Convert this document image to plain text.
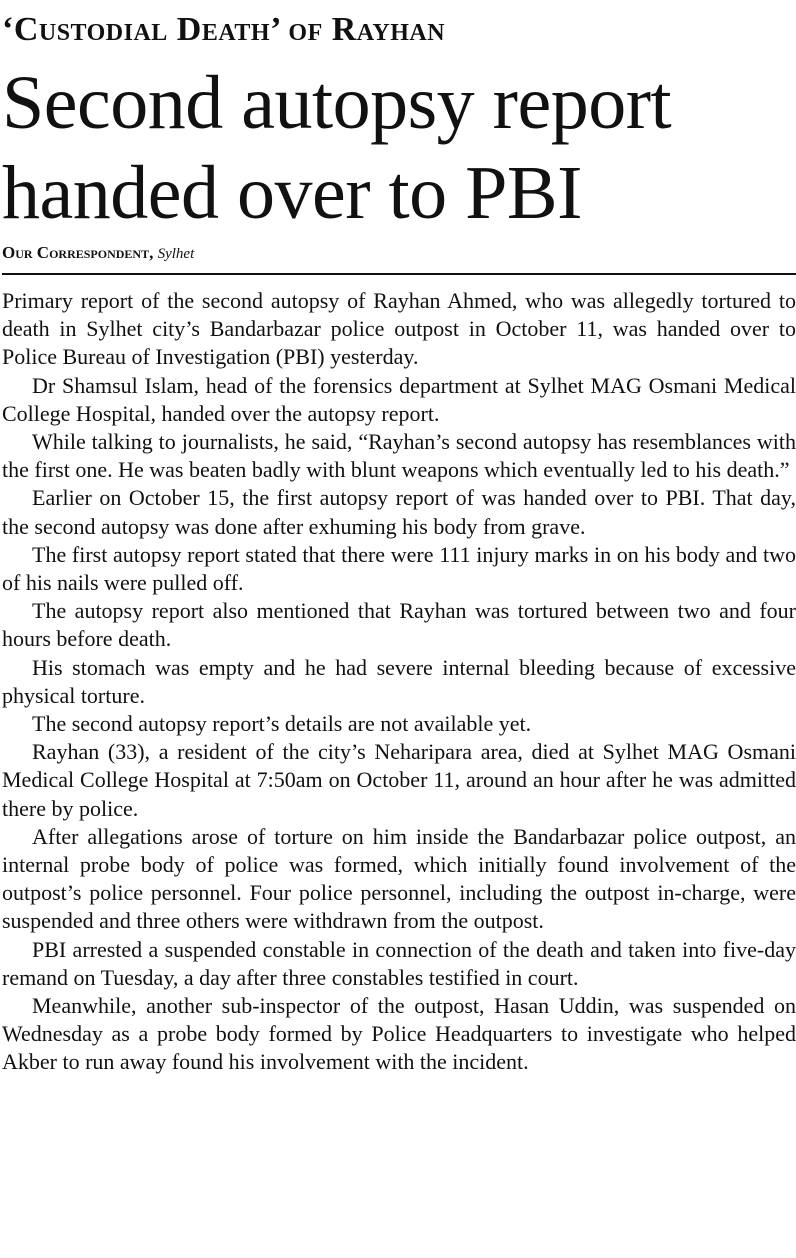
‘Custodial Death’ of Rayhan
Second autopsy report handed over to PBI
Our Correspondent, Sylhet

Primary report of the second autopsy of Rayhan Ahmed, who was allegedly tortured to death in Sylhet city’s Bandarbazar police outpost in October 11, was handed over to Police Bureau of Investigation (PBI) yesterday.

Dr Shamsul Islam, head of the forensics department at Sylhet MAG Osmani Medical College Hospital, handed over the autopsy report.

While talking to journalists, he said, “Rayhan’s second autopsy has resemblances with the first one. He was beaten badly with blunt weapons which eventually led to his death.”

Earlier on October 15, the first autopsy report of was handed over to PBI. That day, the second autopsy was done after exhuming his body from grave.

The first autopsy report stated that there were 111 injury marks in on his body and two of his nails were pulled off.

The autopsy report also mentioned that Rayhan was tortured between two and four hours before death.

His stomach was empty and he had severe internal bleeding because of excessive physical torture.

The second autopsy report’s details are not available yet.

Rayhan (33), a resident of the city’s Neharipara area, died at Sylhet MAG Osmani Medical College Hospital at 7:50am on October 11, around an hour after he was admitted there by police.

After allegations arose of torture on him inside the Bandarbazar police outpost, an internal probe body of police was formed, which initially found involvement of the outpost’s police personnel. Four police personnel, including the outpost in-charge, were suspended and three others were withdrawn from the outpost.

PBI arrested a suspended constable in connection of the death and taken into five-day remand on Tuesday, a day after three constables testified in court.

Meanwhile, another sub-inspector of the outpost, Hasan Uddin, was suspended on Wednesday as a probe body formed by Police Headquarters to investigate who helped Akber to run away found his involvement with the incident.
